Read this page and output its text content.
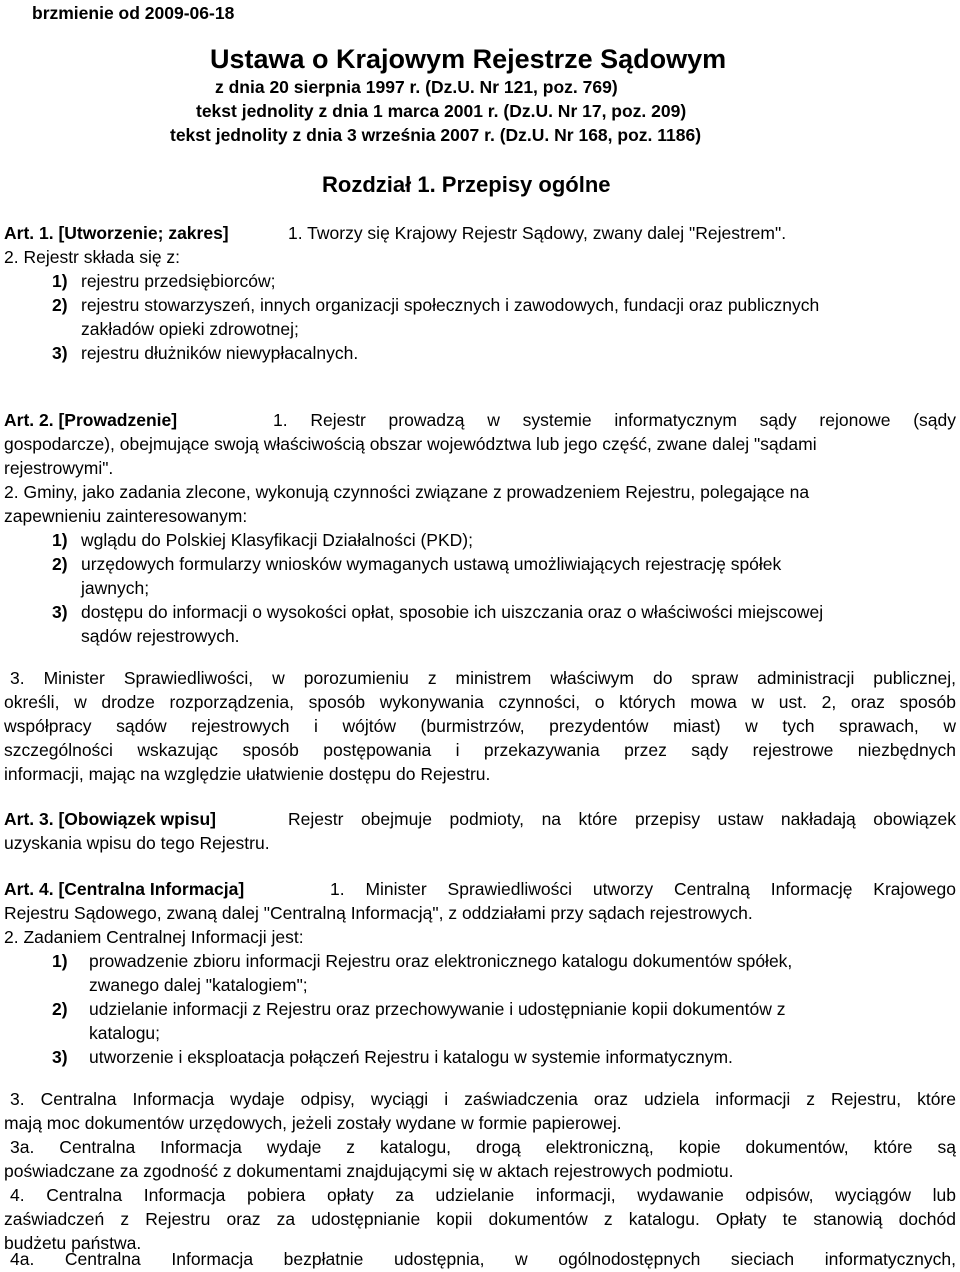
brzmienie od 2009-06-18
Ustawa o Krajowym Rejestrze Sądowym
z dnia 20 sierpnia 1997 r. (Dz.U. Nr 121, poz. 769)
tekst jednolity z dnia 1 marca 2001 r. (Dz.U. Nr 17, poz. 209)
tekst jednolity z dnia 3 września 2007 r. (Dz.U. Nr 168, poz. 1186)
Rozdział 1. Przepisy ogólne
Art. 1. [Utworzenie; zakres]	1. Tworzy się Krajowy Rejestr Sądowy, zwany dalej "Rejestrem".
2. Rejestr składa się z:
1) rejestru przedsiębiorców;
2) rejestru stowarzyszeń, innych organizacji społecznych i zawodowych, fundacji oraz publicznych
zakładów opieki zdrowotnej;
3) rejestru dłużników niewypłacalnych.
Art. 2. [Prowadzenie]	1. Rejestr prowadzą w systemie informatycznym sądy rejonowe (sądy
gospodarcze), obejmujące swoją właściwością obszar województwa lub jego część, zwane dalej "sądami
rejestrowymi".
2. Gminy, jako zadania zlecone, wykonują czynności związane z prowadzeniem Rejestru, polegające na
zapewnieniu zainteresowanym:
1) wglądu do Polskiej Klasyfikacji Działalności (PKD);
2) urzędowych formularzy wniosków wymaganych ustawą umożliwiających rejestrację spółek
jawnych;
3) dostępu do informacji o wysokości opłat, sposobie ich uiszczania oraz o właściwości miejscowej
sądów rejestrowych.
3. Minister Sprawiedliwości, w porozumieniu z ministrem właściwym do spraw administracji publicznej,
określi, w drodze rozporządzenia, sposób wykonywania czynności, o których mowa w ust. 2, oraz sposób
współpracy sądów rejestrowych i wójtów (burmistrzów, prezydentów miast) w tych sprawach, w
szczególności wskazując sposób postępowania i przekazywania przez sądy rejestrowe niezbędnych
informacji, mając na względzie ułatwienie dostępu do Rejestru.
Art. 3. [Obowiązek wpisu]	Rejestr obejmuje podmioty, na które przepisy ustaw nakładają obowiązek
uzyskania wpisu do tego Rejestru.
Art. 4. [Centralna Informacja]	1. Minister Sprawiedliwości utworzy Centralną Informację Krajowego
Rejestru Sądowego, zwaną dalej "Centralną Informacją", z oddziałami przy sądach rejestrowych.
2. Zadaniem Centralnej Informacji jest:
1) prowadzenie zbioru informacji Rejestru oraz elektronicznego katalogu dokumentów spółek,
zwanego dalej "katalogiem";
2) udzielanie informacji z Rejestru oraz przechowywanie i udostępnianie kopii dokumentów z
katalogu;
3) utworzenie i eksploatacja połączeń Rejestru i katalogu w systemie informatycznym.
3. Centralna Informacja wydaje odpisy, wyciągi i zaświadczenia oraz udziela informacji z Rejestru, które
mają moc dokumentów urzędowych, jeżeli zostały wydane w formie papierowej.
3a. Centralna Informacja wydaje z katalogu, drogą elektroniczną, kopie dokumentów, które są
poświadczane za zgodność z dokumentami znajdującymi się w aktach rejestrowych podmiotu.
4. Centralna Informacja pobiera opłaty za udzielanie informacji, wydawanie odpisów, wyciągów lub
zaświadczeń z Rejestru oraz za udostępnianie kopii dokumentów z katalogu. Opłaty te stanowią dochód
budżetu państwa.
4a. Centralna Informacja bezpłatnie udostępnia, w ogólnodostępnych sieciach informatycznych,
